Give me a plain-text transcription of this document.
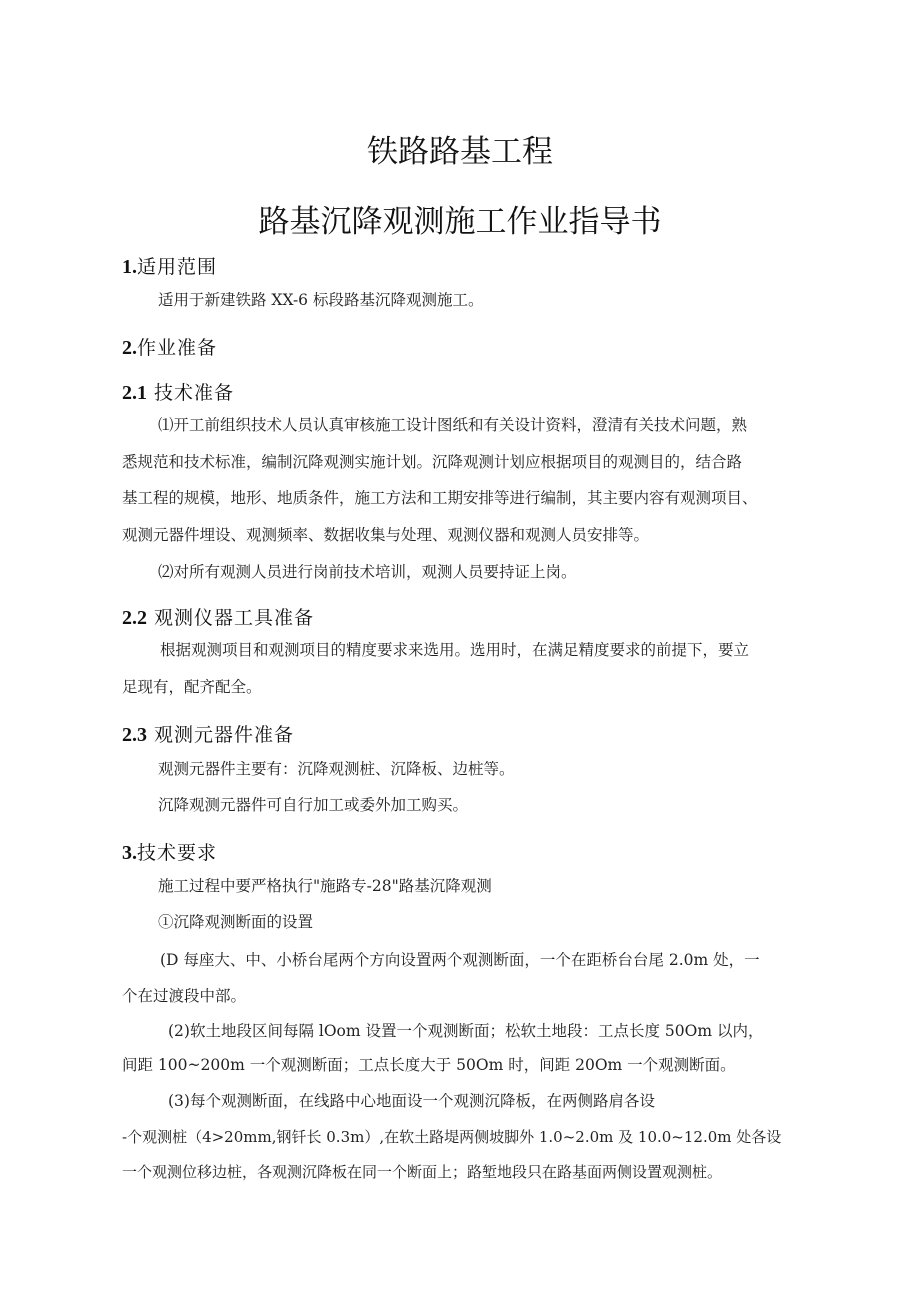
铁路路基工程
路基沉降观测施工作业指导书
1.适用范围
适用于新建铁路 XX-6 标段路基沉降观测施工。
2.作业准备
2.1 技术准备
⑴开工前组织技术人员认真审核施工设计图纸和有关设计资料，澄清有关技术问题，熟
悉规范和技术标准，编制沉降观测实施计划。沉降观测计划应根据项目的观测目的，结合路
基工程的规模，地形、地质条件，施工方法和工期安排等进行编制，其主要内容有观测项目、
观测元器件埋设、观测频率、数据收集与处理、观测仪器和观测人员安排等。
⑵对所有观测人员进行岗前技术培训，观测人员要持证上岗。
2.2 观测仪器工具准备
根据观测项目和观测项目的精度要求来选用。选用时，在满足精度要求的前提下，要立
足现有，配齐配全。
2.3 观测元器件准备
观测元器件主要有：沉降观测桩、沉降板、边桩等。
沉降观测元器件可自行加工或委外加工购买。
3.技术要求
施工过程中要严格执行"施路专-28"路基沉降观测
①沉降观测断面的设置
(D 每座大、中、小桥台尾两个方向设置两个观测断面，一个在距桥台台尾 2.0m 处，一
个在过渡段中部。
(2)软土地段区间每隔 lOom 设置一个观测断面；松软土地段：工点长度 50Om 以内，
间距 100~200m 一个观测断面；工点长度大于 50Om 时，间距 20Om 一个观测断面。
(3)每个观测断面，在线路中心地面设一个观测沉降板，在两侧路肩各设
-个观测桩（4>20mm,钢钎长 0.3m）,在软土路堤两侧坡脚外 1.0~2.0m 及 10.0~12.0m 处各设
一个观测位移边桩，各观测沉降板在同一个断面上；路堑地段只在路基面两侧设置观测桩。
